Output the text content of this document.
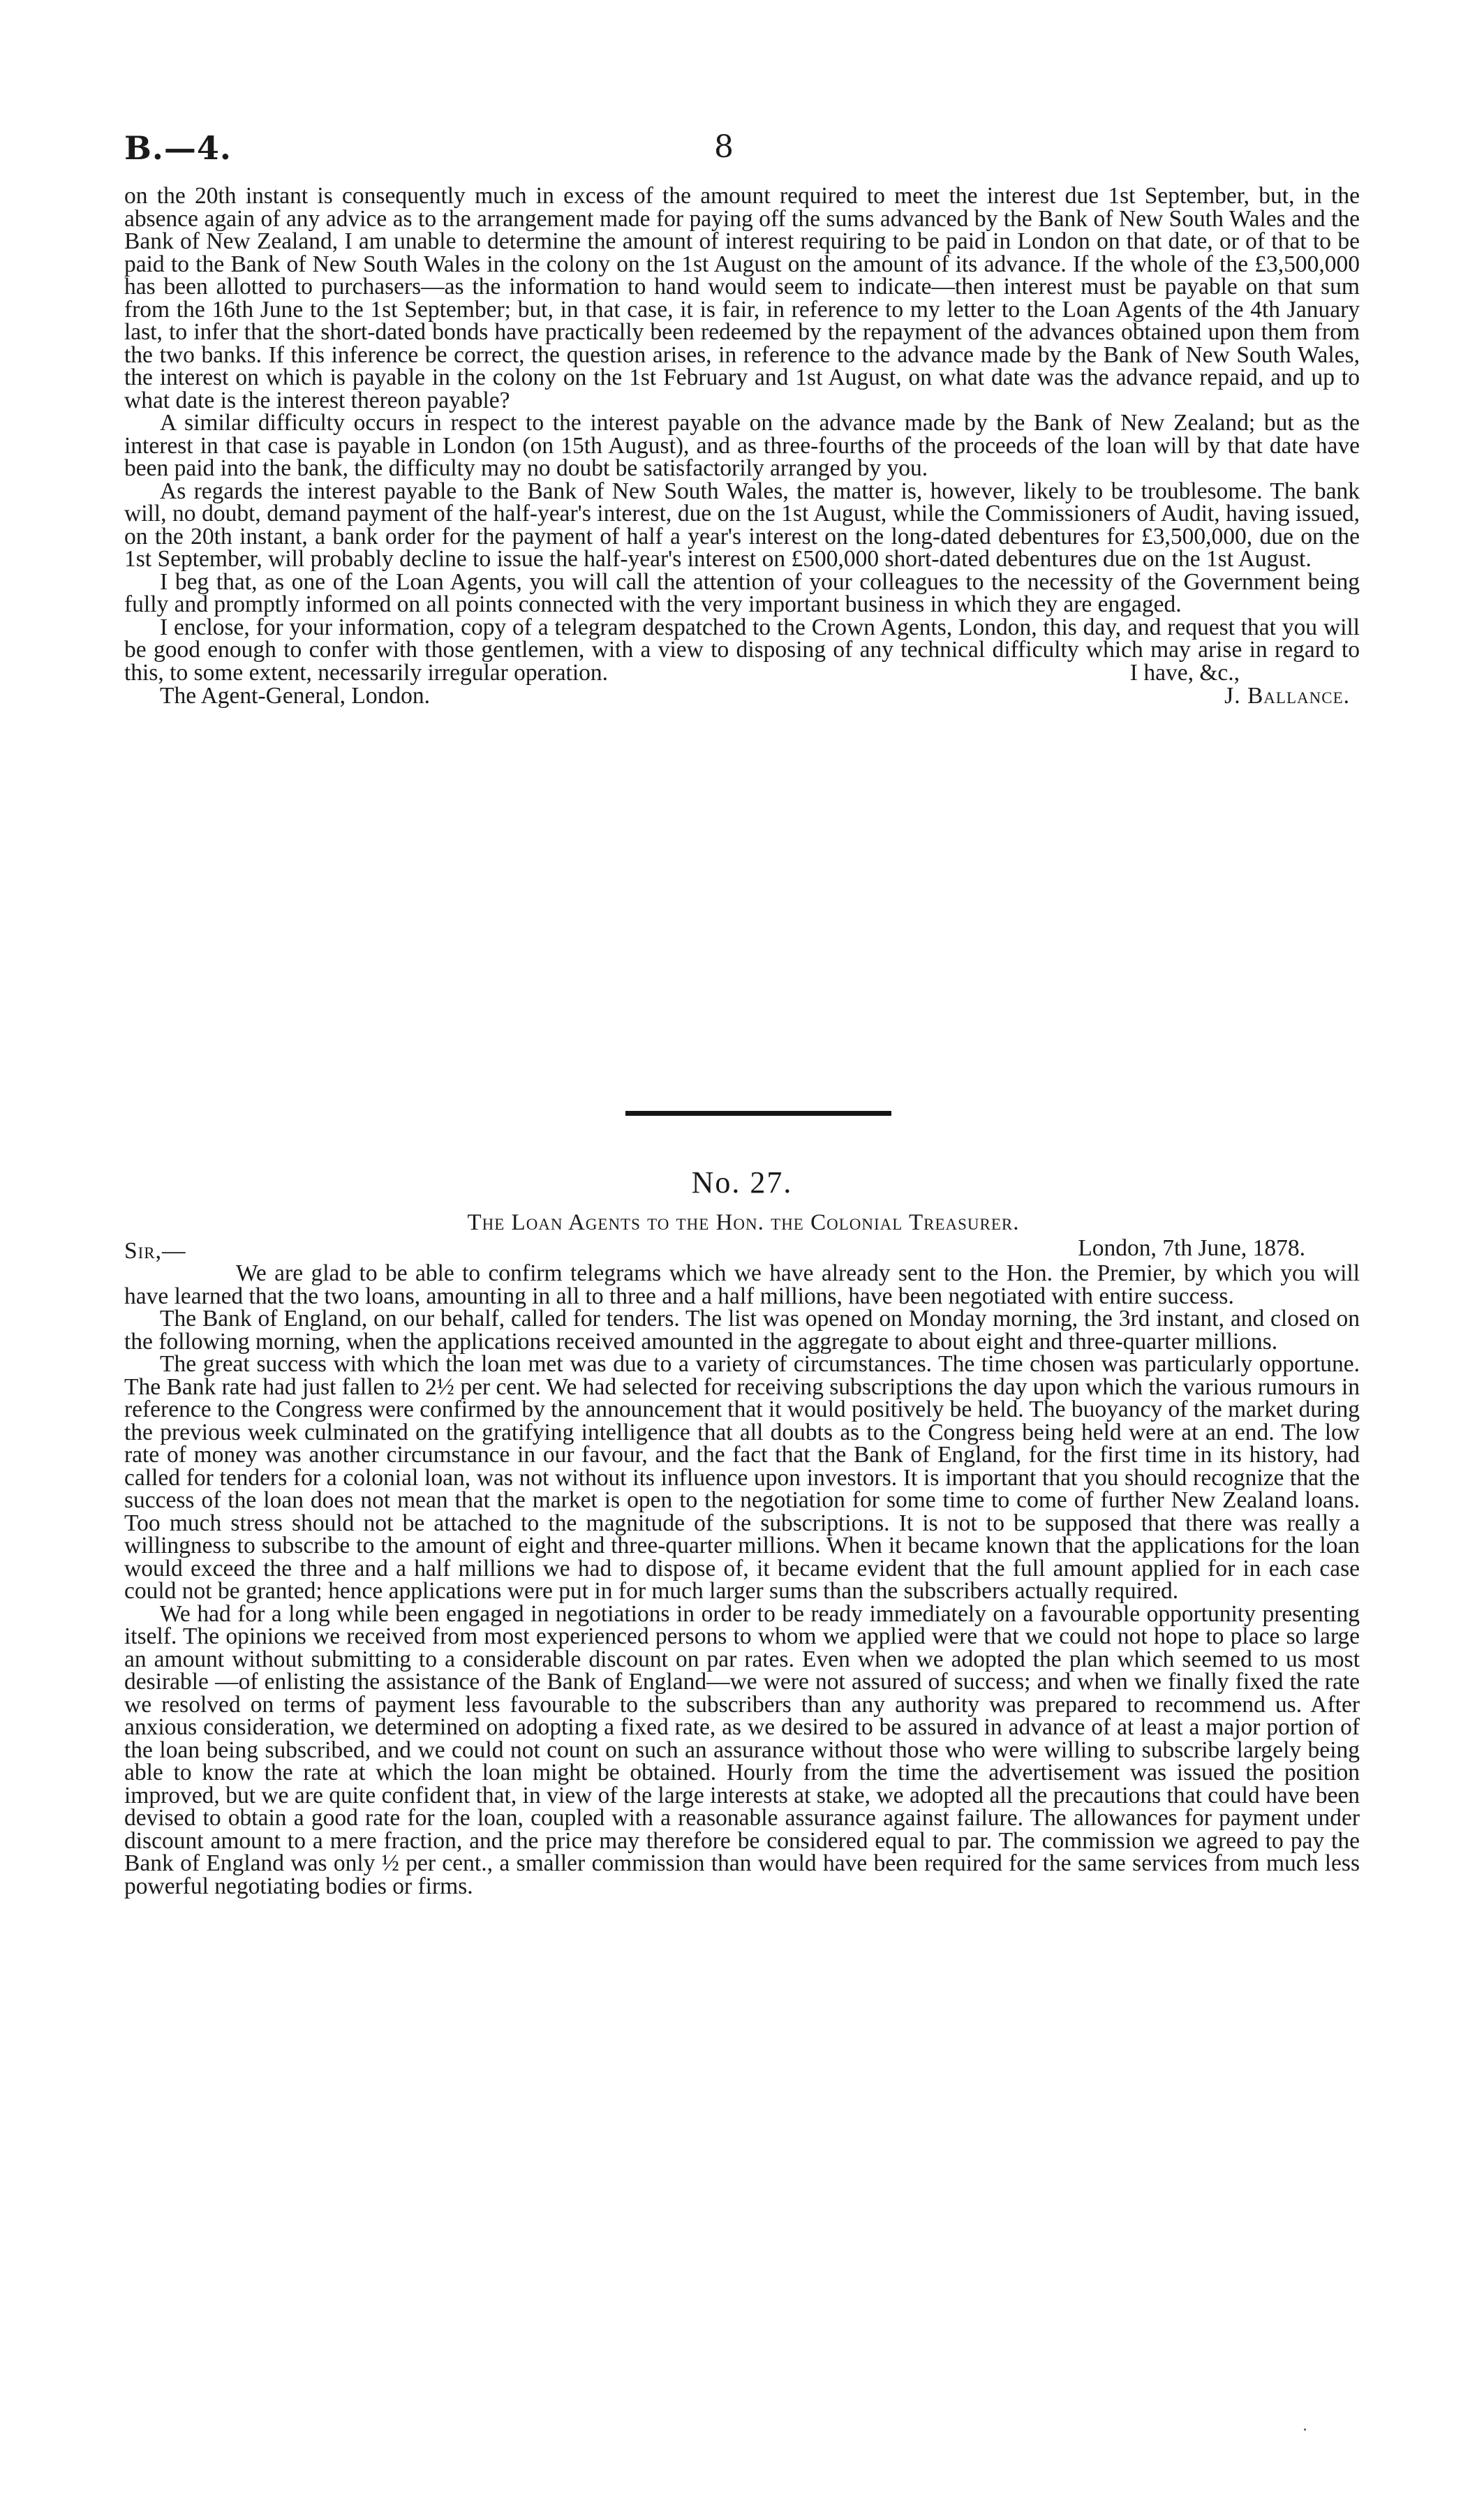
B.—4.	8

on the 20th instant is consequently much in excess of the amount required to meet the interest due 1st September, but, in the absence again of any advice as to the arrangement made for paying off the sums advanced by the Bank of New South Wales and the Bank of New Zealand, I am unable to determine the amount of interest requiring to be paid in London on that date, or of that to be paid to the Bank of New South Wales in the colony on the 1st August on the amount of its advance. If the whole of the £3,500,000 has been allotted to purchasers—as the information to hand would seem to indicate—then interest must be payable on that sum from the 16th June to the 1st September; but, in that case, it is fair, in reference to my letter to the Loan Agents of the 4th January last, to infer that the short-dated bonds have practically been redeemed by the repayment of the advances obtained upon them from the two banks. If this inference be correct, the question arises, in reference to the advance made by the Bank of New South Wales, the interest on which is payable in the colony on the 1st February and 1st August, on what date was the advance repaid, and up to what date is the interest thereon payable?

A similar difficulty occurs in respect to the interest payable on the advance made by the Bank of New Zealand; but as the interest in that case is payable in London (on 15th August), and as three-fourths of the proceeds of the loan will by that date have been paid into the bank, the difficulty may no doubt be satisfactorily arranged by you.

As regards the interest payable to the Bank of New South Wales, the matter is, however, likely to be troublesome. The bank will, no doubt, demand payment of the half-year's interest, due on the 1st August, while the Commissioners of Audit, having issued, on the 20th instant, a bank order for the payment of half a year's interest on the long-dated debentures for £3,500,000, due on the 1st September, will probably decline to issue the half-year's interest on £500,000 short-dated debentures due on the 1st August.

I beg that, as one of the Loan Agents, you will call the attention of your colleagues to the necessity of the Government being fully and promptly informed on all points connected with the very important business in which they are engaged.

I enclose, for your information, copy of a telegram despatched to the Crown Agents, London, this day, and request that you will be good enough to confer with those gentlemen, with a view to disposing of any technical difficulty which may arise in regard to this, to some extent, necessarily irregular operation.	I have, &c.,
The Agent-General, London.	J. Ballance.
No. 27.
The Loan Agents to the Hon. the Colonial Treasurer.
Sir,—	London, 7th June, 1878.

We are glad to be able to confirm telegrams which we have already sent to the Hon. the Premier, by which you will have learned that the two loans, amounting in all to three and a half millions, have been negotiated with entire success.

The Bank of England, on our behalf, called for tenders. The list was opened on Monday morning, the 3rd instant, and closed on the following morning, when the applications received amounted in the aggregate to about eight and three-quarter millions.

The great success with which the loan met was due to a variety of circumstances. The time chosen was particularly opportune. The Bank rate had just fallen to 2½ per cent. We had selected for receiving subscriptions the day upon which the various rumours in reference to the Congress were confirmed by the announcement that it would positively be held. The buoyancy of the market during the previous week culminated on the gratifying intelligence that all doubts as to the Congress being held were at an end. The low rate of money was another circumstance in our favour, and the fact that the Bank of England, for the first time in its history, had called for tenders for a colonial loan, was not without its influence upon investors. It is important that you should recognize that the success of the loan does not mean that the market is open to the negotiation for some time to come of further New Zealand loans. Too much stress should not be attached to the magnitude of the subscriptions. It is not to be supposed that there was really a willingness to subscribe to the amount of eight and three-quarter millions. When it became known that the applications for the loan would exceed the three and a half millions we had to dispose of, it became evident that the full amount applied for in each case could not be granted; hence applications were put in for much larger sums than the subscribers actually required.

We had for a long while been engaged in negotiations in order to be ready immediately on a favourable opportunity presenting itself. The opinions we received from most experienced persons to whom we applied were that we could not hope to place so large an amount without submitting to a considerable discount on par rates. Even when we adopted the plan which seemed to us most desirable —of enlisting the assistance of the Bank of England—we were not assured of success; and when we finally fixed the rate we resolved on terms of payment less favourable to the subscribers than any authority was prepared to recommend us. After anxious consideration, we determined on adopting a fixed rate, as we desired to be assured in advance of at least a major portion of the loan being subscribed, and we could not count on such an assurance without those who were willing to subscribe largely being able to know the rate at which the loan might be obtained. Hourly from the time the advertisement was issued the position improved, but we are quite confident that, in view of the large interests at stake, we adopted all the precautions that could have been devised to obtain a good rate for the loan, coupled with a reasonable assurance against failure. The allowances for payment under discount amount to a mere fraction, and the price may therefore be considered equal to par. The commission we agreed to pay the Bank of England was only ½ per cent., a smaller commission than would have been required for the same services from much less powerful negotiating bodies or firms.
